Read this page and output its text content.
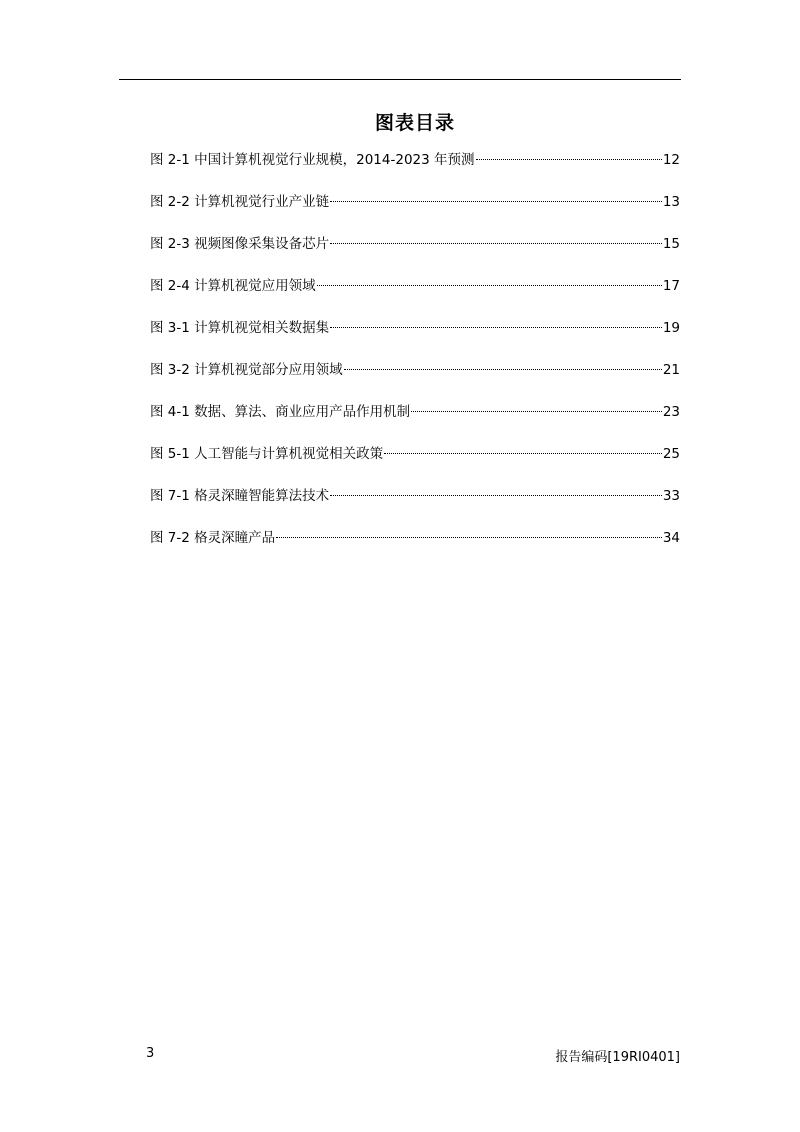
图表目录
图 2-1 中国计算机视觉行业规模，2014-2023 年预测	12
图 2-2 计算机视觉行业产业链	13
图 2-3 视频图像采集设备芯片	15
图 2-4 计算机视觉应用领域	17
图 3-1 计算机视觉相关数据集	19
图 3-2 计算机视觉部分应用领域	21
图 4-1 数据、算法、商业应用产品作用机制	23
图 5-1 人工智能与计算机视觉相关政策	25
图 7-1 格灵深瞳智能算法技术	33
图 7-2 格灵深瞳产品	34
3	报告编码[19RI0401]
